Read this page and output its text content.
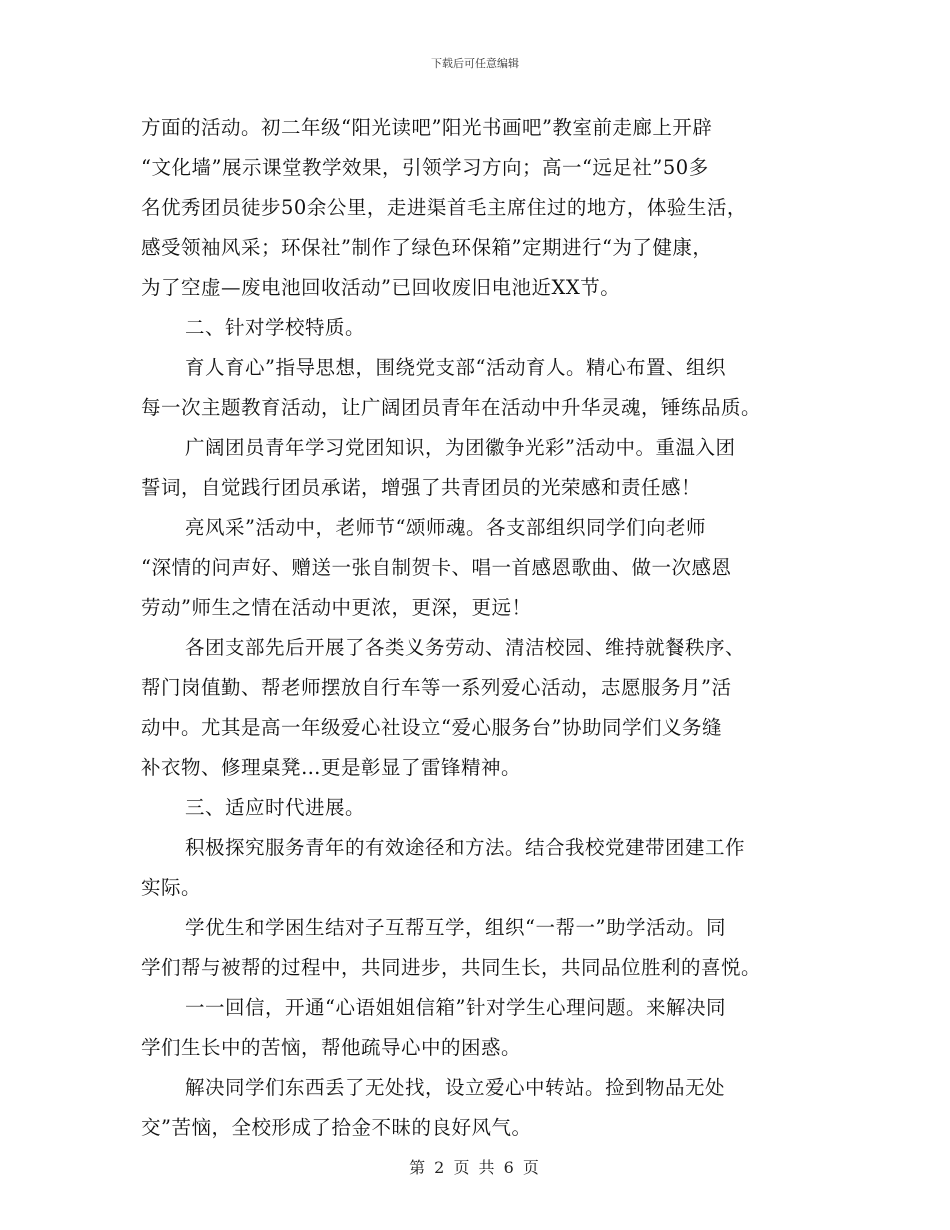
下载后可任意编辑
方面的活动。初二年级“阳光读吧”阳光书画吧”教室前走廊上开辟
“文化墙”展示课堂教学效果，引领学习方向；高一“远足社”50多
名优秀团员徒步50余公里，走进渠首毛主席住过的地方，体验生活，
感受领袖风采；环保社”制作了绿色环保箱”定期进行“为了健康，
为了空虚—废电池回收活动”已回收废旧电池近XX节。
二、针对学校特质。
育人育心”指导思想，围绕党支部“活动育人。精心布置、组织
每一次主题教育活动，让广阔团员青年在活动中升华灵魂，锤练品质。
广阔团员青年学习党团知识，为团徽争光彩”活动中。重温入团
誓词，自觉践行团员承诺，增强了共青团员的光荣感和责任感！
亮风采”活动中，老师节“颂师魂。各支部组织同学们向老师
“深情的问声好、赠送一张自制贺卡、唱一首感恩歌曲、做一次感恩
劳动”师生之情在活动中更浓，更深，更远！
各团支部先后开展了各类义务劳动、清洁校园、维持就餐秩序、
帮门岗值勤、帮老师摆放自行车等一系列爱心活动，志愿服务月”活
动中。尤其是高一年级爱心社设立“爱心服务台”协助同学们义务缝
补衣物、修理桌凳…更是彰显了雷锋精神。
三、适应时代进展。
积极探究服务青年的有效途径和方法。结合我校党建带团建工作
实际。
学优生和学困生结对子互帮互学，组织“一帮一”助学活动。同
学们帮与被帮的过程中，共同进步，共同生长，共同品位胜利的喜悦。
一一回信，开通“心语姐姐信箱”针对学生心理问题。来解决同
学们生长中的苦恼，帮他疏导心中的困惑。
解决同学们东西丢了无处找，设立爱心中转站。捡到物品无处
交”苦恼，全校形成了拾金不昧的良好风气。
第 2 页 共 6 页
